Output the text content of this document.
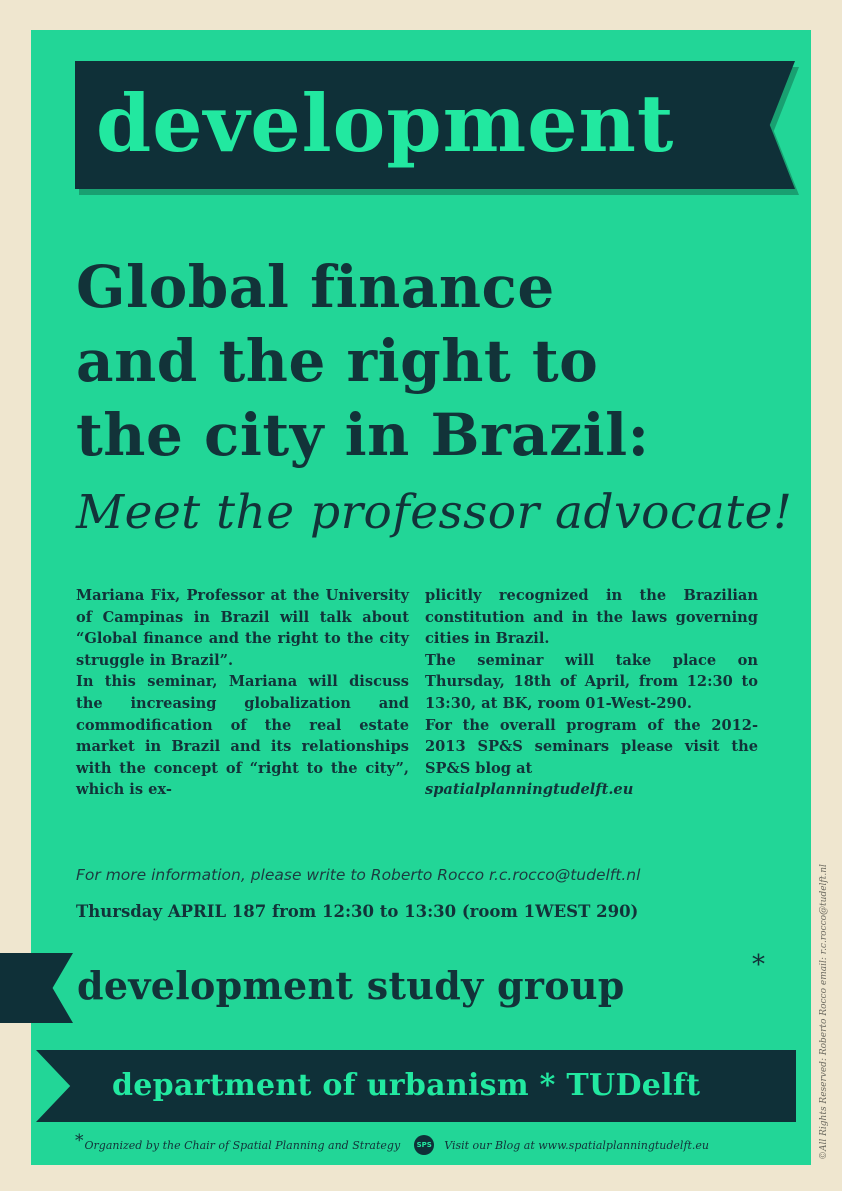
development
Global finance
and the right to
the city in Brazil:
Meet the professor advocate!

Mariana Fix, Professor at the University of Campinas in Brazil will talk about “Global finance and the right to the city struggle in Brazil”.

In this seminar, Mariana will discuss the increasing globalization and commodification of the real estate market in Brazil and its relationships with the concept of “right to the city”, which is ex-

plicitly recognized in the Brazilian constitution and in the laws governing cities in Brazil.

The seminar will take place on Thursday, 18th of April, from 12:30 to 13:30, at BK, room 01-West-290.

For the overall program of the 2012-2013 SP&S seminars please visit the SP&S blog at

spatialplanningtudelft.eu

For more information, please write to Roberto Rocco r.c.rocco@tudelft.nl
Thursday APRIL 187 from 12:30 to 13:30 (room 1WEST 290)
development study group	*
department of urbanism * TUDelft
* Organized by the Chair of Spatial Planning and Strategy	SPS Visit our Blog at www.spatialplanningtudelft.eu	©All Rights Reserved: Roberto Rocco email: r.c.rocco@tudelft.nl
